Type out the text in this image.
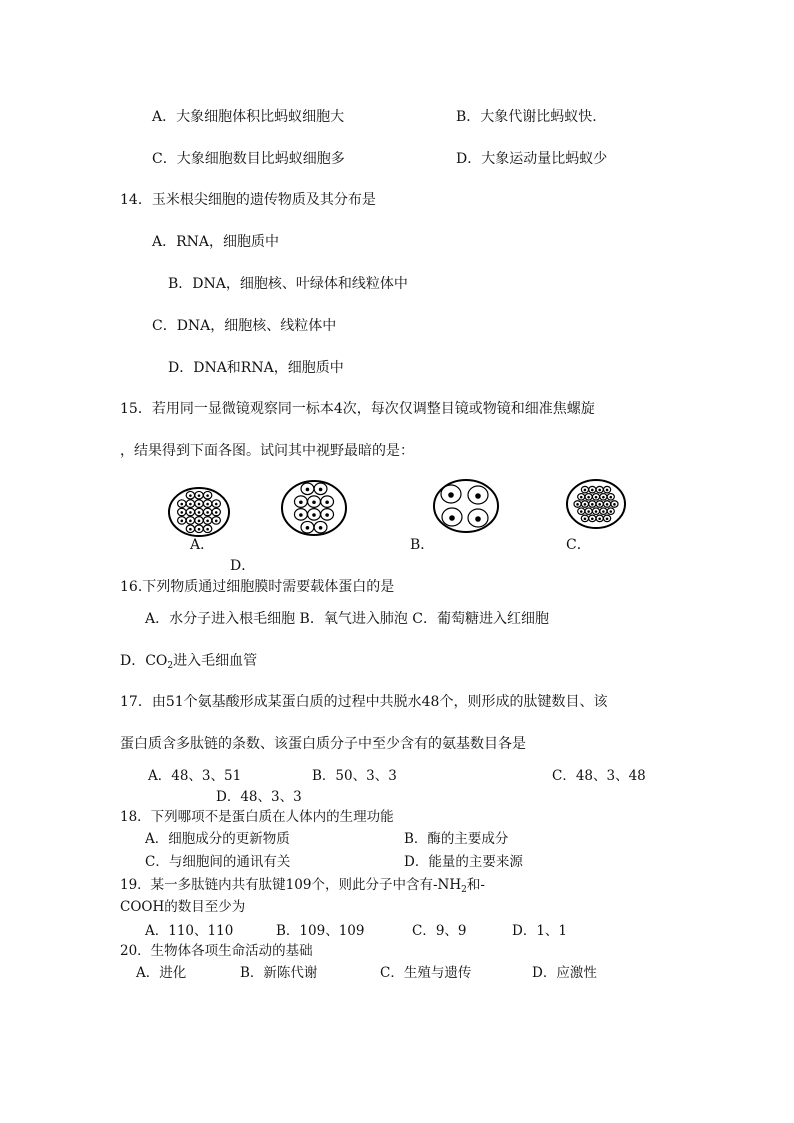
A．大象细胞体积比蚂蚁细胞大	B．大象代谢比蚂蚁快.
C．大象细胞数目比蚂蚁细胞多	D．大象运动量比蚂蚁少
14．玉米根尖细胞的遗传物质及其分布是
A．RNA，细胞质中
B．DNA，细胞核、叶绿体和线粒体中
C．DNA，细胞核、线粒体中
D．DNA和RNA，细胞质中
15．若用同一显微镜观察同一标本4次，每次仅调整目镜或物镜和细准焦螺旋
，结果得到下面各图。试问其中视野最暗的是：
A．	B．	C．
D．
16.下列物质通过细胞膜时需要载体蛋白的是
A．水分子进入根毛细胞 B．氧气进入肺泡 C．葡萄糖进入红细胞
D．$CO_2$进入毛细血管
17．由51个氨基酸形成某蛋白质的过程中共脱水48个，则形成的肽键数目、该
蛋白质含多肽链的条数、该蛋白质分子中至少含有的氨基数目各是
A．48、3、51	B．50、3、3	C．48、3、48
D．48、3、3
18．下列哪项不是蛋白质在人体内的生理功能
A．细胞成分的更新物质	B．酶的主要成分
C．与细胞间的通讯有关	D．能量的主要来源
19．某一多肽链内共有肽键109个，则此分子中含有$-NH_2$和-
COOH的数目至少为
A．110、110	B．109、109	C．9、9	D．1、1
20．生物体各项生命活动的基础
A．进化	B．新陈代谢	C．生殖与遗传	D．应激性
